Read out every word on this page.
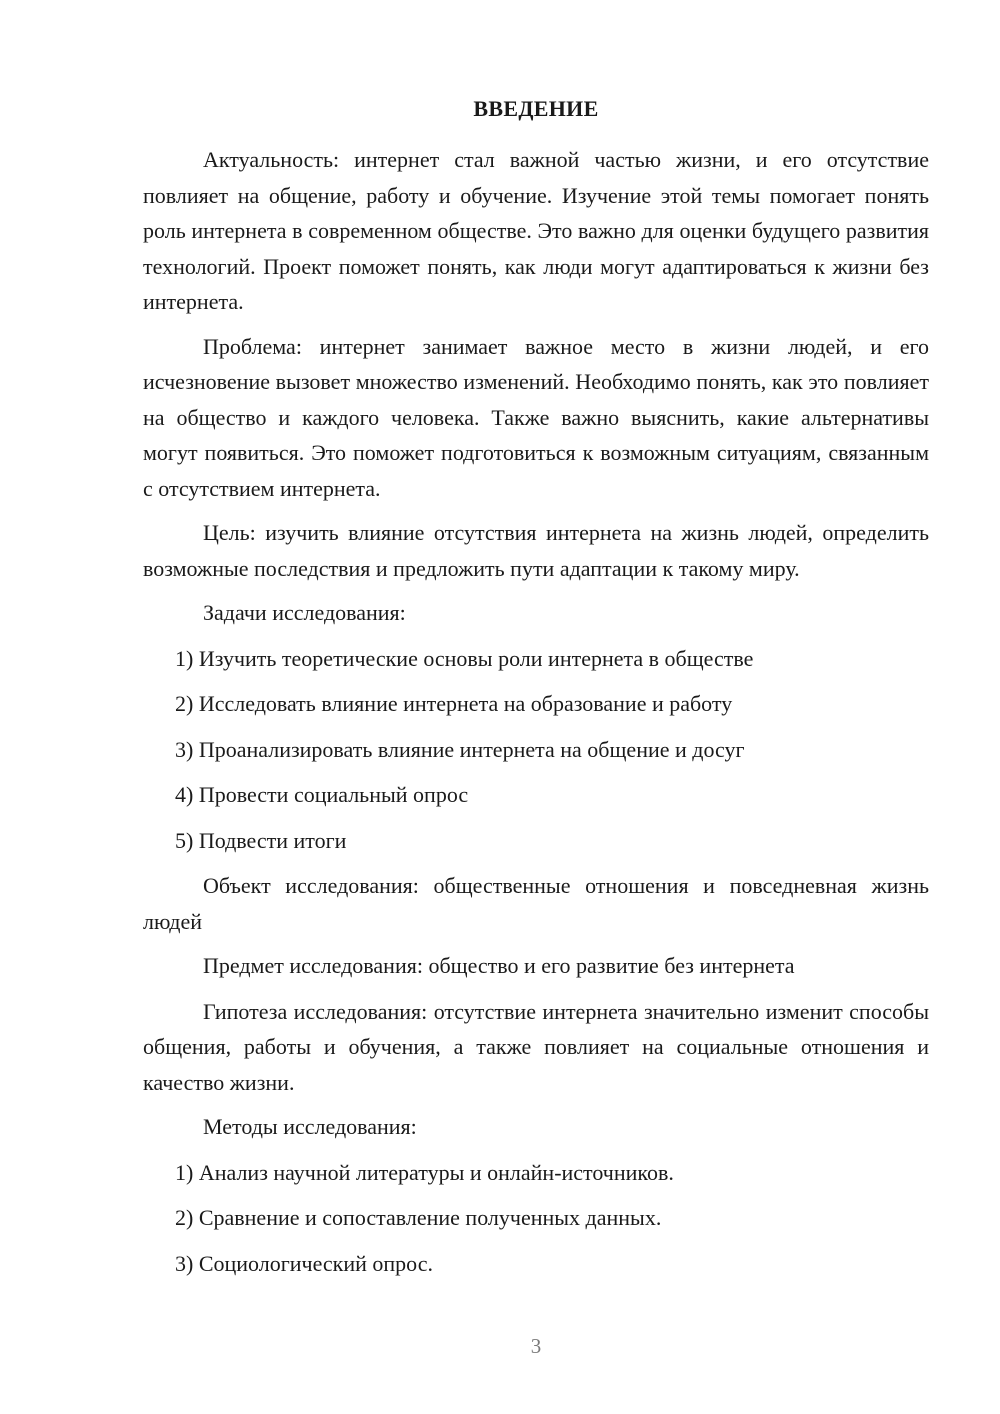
ВВЕДЕНИЕ

Актуальность: интернет стал важной частью жизни, и его отсутствие повлияет на общение, работу и обучение. Изучение этой темы помогает понять роль интернета в современном обществе. Это важно для оценки будущего развития технологий. Проект поможет понять, как люди могут адаптироваться к жизни без интернета.

Проблема: интернет занимает важное место в жизни людей, и его исчезновение вызовет множество изменений. Необходимо понять, как это повлияет на общество и каждого человека. Также важно выяснить, какие альтернативы могут появиться. Это поможет подготовиться к возможным ситуациям, связанным с отсутствием интернета.

Цель: изучить влияние отсутствия интернета на жизнь людей, определить возможные последствия и предложить пути адаптации к такому миру.

Задачи исследования:
1) Изучить теоретические основы роли интернета в обществе
2) Исследовать влияние интернета на образование и работу
3) Проанализировать влияние интернета на общение и досуг
4) Провести социальный опрос
5) Подвести итоги

Объект исследования: общественные отношения и повседневная жизнь людей

Предмет исследования: общество и его развитие без интернета

Гипотеза исследования: отсутствие интернета значительно изменит способы общения, работы и обучения, а также повлияет на социальные отношения и качество жизни.

Методы исследования:
1) Анализ научной литературы и онлайн-источников.
2) Сравнение и сопоставление полученных данных.
3) Социологический опрос.
3
